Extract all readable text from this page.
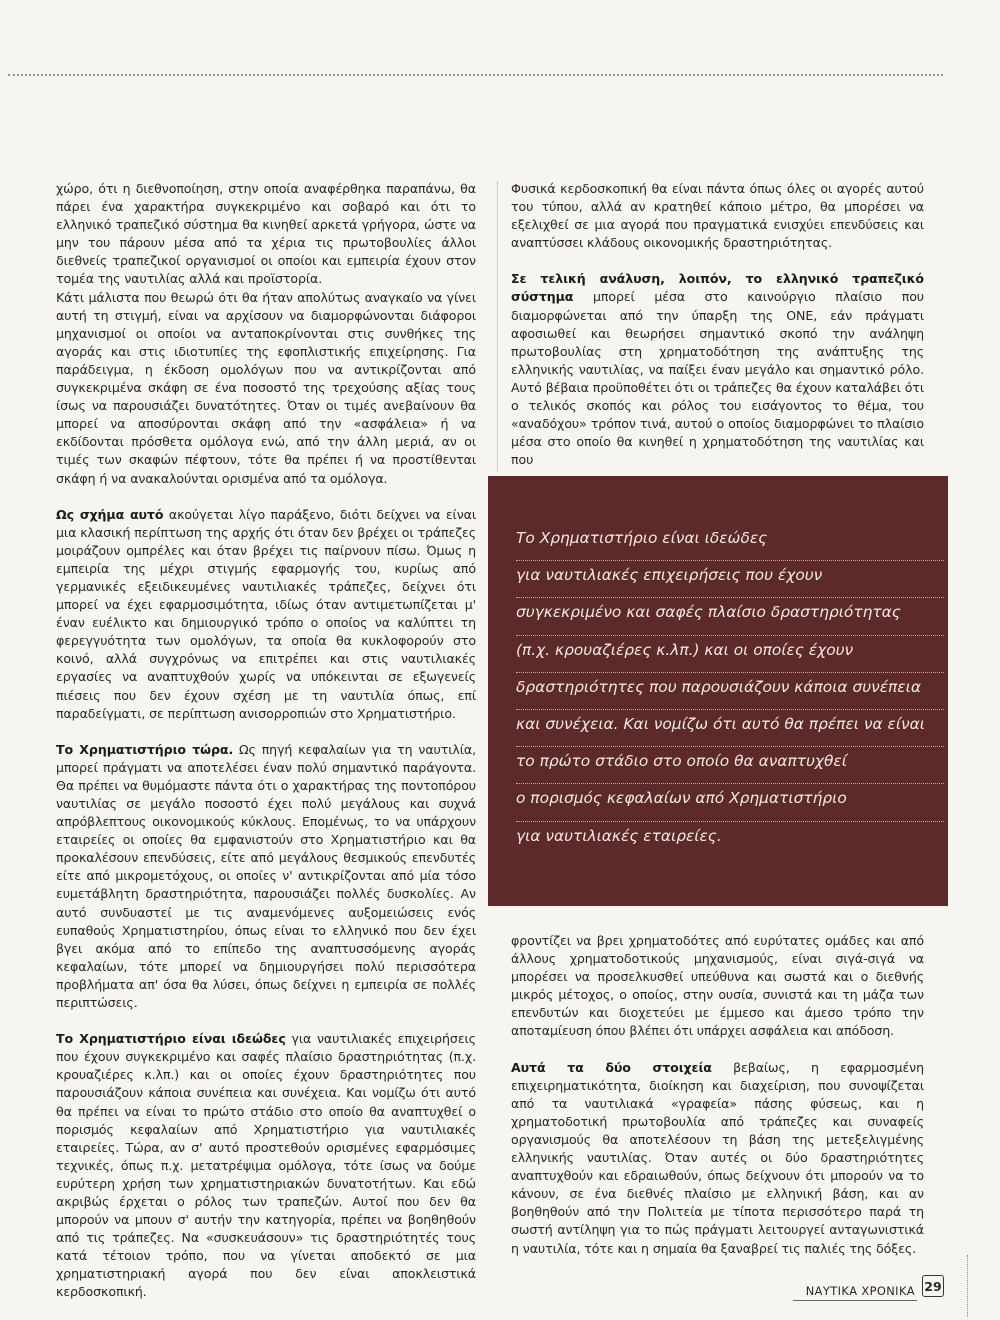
χώρο, ότι η διεθνοποίηση, στην οποία αναφέρθηκα παραπάνω, θα πάρει ένα χαρακτήρα συγκεκριμένο και σοβαρό και ότι το ελληνικό τραπεζικό σύστημα θα κινηθεί αρκετά γρήγορα, ώστε να μην του πάρουν μέσα από τα χέρια τις πρωτοβουλίες άλλοι διεθνείς τραπεζικοί οργανισμοί οι οποίοι και εμπειρία έχουν στον τομέα της ναυτιλίας αλλά και προϊστορία.

Κάτι μάλιστα που θεωρώ ότι θα ήταν απολύτως αναγκαίο να γίνει αυτή τη στιγμή, είναι να αρχίσουν να διαμορφώνονται διάφοροι μηχανισμοί οι οποίοι να ανταποκρίνονται στις συνθήκες της αγοράς και στις ιδιοτυπίες της εφοπλιστικής επιχείρησης. Για παράδειγμα, η έκδοση ομολόγων που να αντικρίζονται από συγκεκριμένα σκάφη σε ένα ποσοστό της τρεχούσης αξίας τους ίσως να παρουσιάζει δυνατότητες. Όταν οι τιμές ανεβαίνουν θα μπορεί να αποσύρονται σκάφη από την «ασφάλεια» ή να εκδίδονται πρόσθετα ομόλογα ενώ, από την άλλη μεριά, αν οι τιμές των σκαφών πέφτουν, τότε θα πρέπει ή να προστίθενται σκάφη ή να ανακαλούνται ορισμένα από τα ομόλογα.

Ως σχήμα αυτό ακούγεται λίγο παράξενο, διότι δείχνει να είναι μια κλασική περίπτωση της αρχής ότι όταν δεν βρέχει οι τράπεζες μοιράζουν ομπρέλες και όταν βρέχει τις παίρνουν πίσω. Όμως η εμπειρία της μέχρι στιγμής εφαρμογής του, κυρίως από γερμανικές εξειδικευμένες ναυτιλιακές τράπεζες, δείχνει ότι μπορεί να έχει εφαρμοσιμότητα, ιδίως όταν αντιμετωπίζεται μ' έναν ευέλικτο και δημιουργικό τρόπο ο οποίος να καλύπτει τη φερεγγυότητα των ομολόγων, τα οποία θα κυκλοφορούν στο κοινό, αλλά συγχρόνως να επιτρέπει και στις ναυτιλιακές εργασίες να αναπτυχθούν χωρίς να υπόκεινται σε εξωγενείς πιέσεις που δεν έχουν σχέση με τη ναυτιλία όπως, επί παραδείγματι, σε περίπτωση ανισορροπιών στο Χρηματιστήριο.

Το Χρηματιστήριο τώρα. Ως πηγή κεφαλαίων για τη ναυτιλία, μπορεί πράγματι να αποτελέσει έναν πολύ σημαντικό παράγοντα. Θα πρέπει να θυμόμαστε πάντα ότι ο χαρακτήρας της ποντοπόρου ναυτιλίας σε μεγάλο ποσοστό έχει πολύ μεγάλους και συχνά απρόβλεπτους οικονομικούς κύκλους. Επομένως, το να υπάρχουν εταιρείες οι οποίες θα εμφανιστούν στο Χρηματιστήριο και θα προκαλέσουν επενδύσεις, είτε από μεγάλους θεσμικούς επενδυτές είτε από μικρομετόχους, οι οποίες ν' αντικρίζονται από μία τόσο ευμετάβλητη δραστηριότητα, παρουσιάζει πολλές δυσκολίες. Αν αυτό συνδυαστεί με τις αναμενόμενες αυξομειώσεις ενός ευπαθούς Χρηματιστηρίου, όπως είναι το ελληνικό που δεν έχει βγει ακόμα από το επίπεδο της αναπτυσσόμενης αγοράς κεφαλαίων, τότε μπορεί να δημιουργήσει πολύ περισσότερα προβλήματα απ' όσα θα λύσει, όπως δείχνει η εμπειρία σε πολλές περιπτώσεις.

Το Χρηματιστήριο είναι ιδεώδες για ναυτιλιακές επιχειρήσεις που έχουν συγκεκριμένο και σαφές πλαίσιο δραστηριότητας (π.χ. κρουαζιέρες κ.λπ.) και οι οποίες έχουν δραστηριότητες που παρουσιάζουν κάποια συνέπεια και συνέχεια. Και νομίζω ότι αυτό θα πρέπει να είναι το πρώτο στάδιο στο οποίο θα αναπτυχθεί ο πορισμός κεφαλαίων από Χρηματιστήριο για ναυτιλιακές εταιρείες. Τώρα, αν σ' αυτό προστεθούν ορισμένες εφαρμόσιμες τεχνικές, όπως π.χ. μετατρέψιμα ομόλογα, τότε ίσως να δούμε ευρύτερη χρήση των χρηματιστηριακών δυνατοτήτων. Και εδώ ακριβώς έρχεται ο ρόλος των τραπεζών. Αυτοί που δεν θα μπορούν να μπουν σ' αυτήν την κατηγορία, πρέπει να βοηθηθούν από τις τράπεζες. Να «συσκευάσουν» τις δραστηριότητές τους κατά τέτοιον τρόπο, που να γίνεται αποδεκτό σε μια χρηματιστηριακή αγορά που δεν είναι αποκλειστικά κερδοσκοπική.

Φυσικά κερδοσκοπική θα είναι πάντα όπως όλες οι αγορές αυτού του τύπου, αλλά αν κρατηθεί κάποιο μέτρο, θα μπορέσει να εξελιχθεί σε μια αγορά που πραγματικά ενισχύει επενδύσεις και αναπτύσσει κλάδους οικονομικής δραστηριότητας.

Σε τελική ανάλυση, λοιπόν, το ελληνικό τραπεζικό σύστημα μπορεί μέσα στο καινούργιο πλαίσιο που διαμορφώνεται από την ύπαρξη της ΟΝΕ, εάν πράγματι αφοσιωθεί και θεωρήσει σημαντικό σκοπό την ανάληψη πρωτοβουλίας στη χρηματοδότηση της ανάπτυξης της ελληνικής ναυτιλίας, να παίξει έναν μεγάλο και σημαντικό ρόλο. Αυτό βέβαια προϋποθέτει ότι οι τράπεζες θα έχουν καταλάβει ότι ο τελικός σκοπός και ρόλος του εισάγοντος το θέμα, του «αναδόχου» τρόπον τινά, αυτού ο οποίος διαμορφώνει το πλαίσιο μέσα στο οποίο θα κινηθεί η χρηματοδότηση της ναυτιλίας και που

Το Χρηματιστήριο είναι ιδεώδες
για ναυτιλιακές επιχειρήσεις που έχουν
συγκεκριμένο και σαφές πλαίσιο δραστηριότητας
(π.χ. κρουαζιέρες κ.λπ.) και οι οποίες έχουν
δραστηριότητες που παρουσιάζουν κάποια συνέπεια
και συνέχεια. Και νομίζω ότι αυτό θα πρέπει να είναι
το πρώτο στάδιο στο οποίο θα αναπτυχθεί
ο πορισμός κεφαλαίων από Χρηματιστήριο
για ναυτιλιακές εταιρείες.

φροντίζει να βρει χρηματοδότες από ευρύτατες ομάδες και από άλλους χρηματοδοτικούς μηχανισμούς, είναι σιγά-σιγά να μπορέσει να προσελκυσθεί υπεύθυνα και σωστά και ο διεθνής μικρός μέτοχος, ο οποίος, στην ουσία, συνιστά και τη μάζα των επενδυτών και διοχετεύει με έμμεσο και άμεσο τρόπο την αποταμίευση όπου βλέπει ότι υπάρχει ασφάλεια και απόδοση.

Αυτά τα δύο στοιχεία βεβαίως, η εφαρμοσμένη επιχειρηματικότητα, διοίκηση και διαχείριση, που συνοψίζεται από τα ναυτιλιακά «γραφεία» πάσης φύσεως, και η χρηματοδοτική πρωτοβουλία από τράπεζες και συναφείς οργανισμούς θα αποτελέσουν τη βάση της μετεξελιγμένης ελληνικής ναυτιλίας. Όταν αυτές οι δύο δραστηριότητες αναπτυχθούν και εδραιωθούν, όπως δείχνουν ότι μπορούν να το κάνουν, σε ένα διεθνές πλαίσιο με ελληνική βάση, και αν βοηθηθούν από την Πολιτεία με τίποτα περισσότερο παρά τη σωστή αντίληψη για το πώς πράγματι λειτουργεί ανταγωνιστικά η ναυτιλία, τότε και η σημαία θα ξαναβρεί τις παλιές της δόξες.

ΝΑΥΤΙΚΑ ΧΡΟΝΙΚΑ 29
